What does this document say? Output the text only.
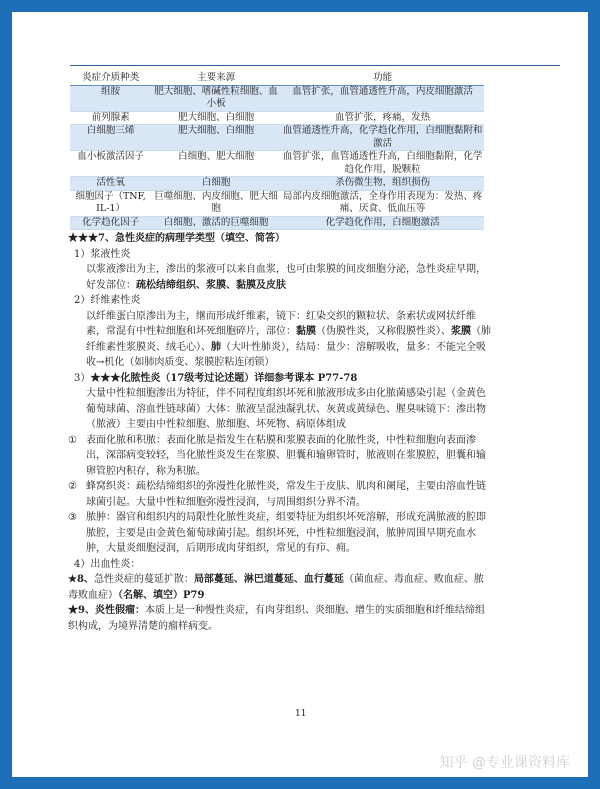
炎症介质种类	主要来源	功能
组胺	肥大细胞、嗜碱性粒细胞、血小板	血管扩张，血管通透性升高，内皮细胞激活
前列腺素	肥大细胞、白细胞	血管扩张，疼痛，发热
白细胞三烯	肥大细胞、白细胞	血管通透性升高，化学趋化作用，白细胞黏附和激活
血小板激活因子	白细胞、肥大细胞	血管扩张，血管通透性升高，白细胞黏附，化学趋化作用，脱颗粒
活性氧	白细胞	杀伤微生物，组织损伤
细胞因子（TNF, IL-1）	巨噬细胞、内皮细胞、肥大细胞	局部内皮细胞激活，全身作用表现为：发热、疼痛、厌食、低血压等
化学趋化因子	白细胞、激活的巨噬细胞	化学趋化作用，白细胞激活
★★★7、急性炎症的病理学类型（填空、简答）
1）浆液性炎
以浆液渗出为主，渗出的浆液可以来自血浆，也可由浆膜的间皮细胞分泌，急性炎症早期，好发部位：疏松结缔组织、浆膜、黏膜及皮肤
2）纤维素性炎
以纤维蛋白原渗出为主，继而形成纤维素，镜下：红染交织的颗粒状、条索状或网状纤维素，常混有中性粒细胞和坏死细胞碎片，部位：黏膜（伪膜性炎，又称假膜性炎）、浆膜（肺纤维素性浆膜炎、绒毛心）、肺（大叶性肺炎），结局：量少：溶解吸收，量多：不能完全吸收→机化（如肺肉质变、浆膜腔粘连闭锁）
3）★★★化脓性炎（17级考过论述题）详细参考课本 P77-78
大量中性粒细胞渗出为特征，伴不同程度组织坏死和脓液形成多由化脓菌感染引起（金黄色葡萄球菌、溶血性链球菌）大体：脓液呈混浊凝乳状、灰黄或黄绿色、腥臭味镜下：渗出物（脓液）主要由中性粒细胞、脓细胞、坏死物、病原体组成
① 表面化脓和积脓：表面化脓是指发生在粘膜和浆膜表面的化脓性炎，中性粒细胞向表面渗出，深部病变较轻，当化脓性炎发生在浆膜、胆囊和输卵管时，脓液则在浆膜腔，胆囊和输卵管腔内积存，称为积脓。
② 蜂窝织炎：疏松结缔组织的弥漫性化脓性炎，常发生于皮肤、肌肉和阑尾，主要由溶血性链球菌引起。大量中性粒细胞弥漫性浸润，与周围组织分界不清。
③ 脓肿：器官和组织内的局限性化脓性炎症，组要特征为组织坏死溶解，形成充满脓液的腔即脓腔，主要是由金黄色葡萄球菌引起。组织坏死，中性粒细胞浸润，脓肿周围早期充血水肿，大量炎细胞浸润，后期形成肉芽组织，常见的有疖、痈。
4）出血性炎：
★8、急性炎症的蔓延扩散：局部蔓延、淋巴道蔓延、血行蔓延（菌血症、毒血症、败血症、脓毒败血症）（名解、填空）P79
★9、炎性假瘤：本质上是一种慢性炎症，有肉芽组织、炎细胞、增生的实质细胞和纤维结缔组织构成，为境界清楚的瘤样病变。
11
知乎 @专业课资料库
